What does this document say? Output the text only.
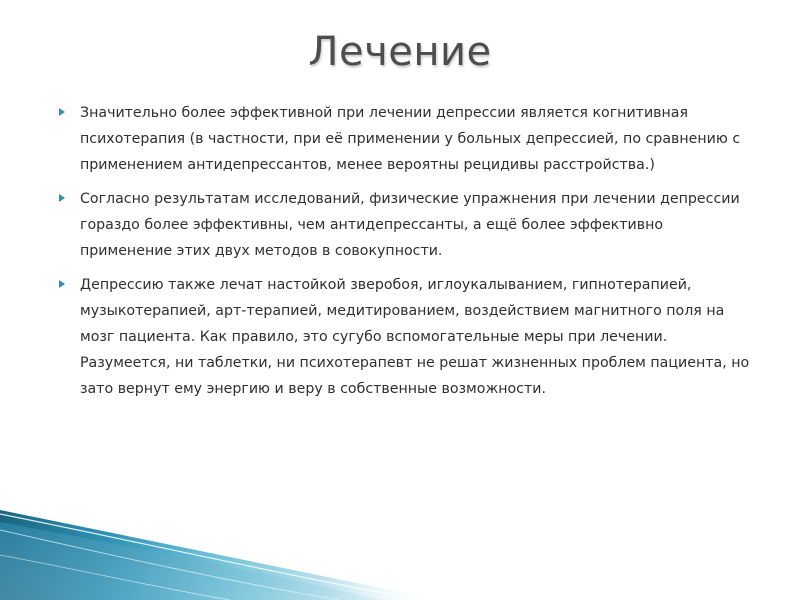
Лечение
Значительно более эффективной при лечении депрессии является когнитивная психотерапия (в частности, при её применении у больных депрессией, по сравнению с применением антидепрессантов, менее вероятны рецидивы расстройства.)
Согласно результатам исследований, физические упражнения при лечении депрессии гораздо более эффективны, чем антидепрессанты, а ещё более эффективно применение этих двух методов в совокупности.
Депрессию также лечат настойкой зверобоя, иглоукалыванием, гипнотерапией, музыкотерапией, арт-терапией, медитированием, воздействием магнитного поля на мозг пациента. Как правило, это сугубо вспомогательные меры при лечении. Разумеется, ни таблетки, ни психотерапевт не решат жизненных проблем пациента, но зато вернут ему энергию и веру в собственные возможности.
